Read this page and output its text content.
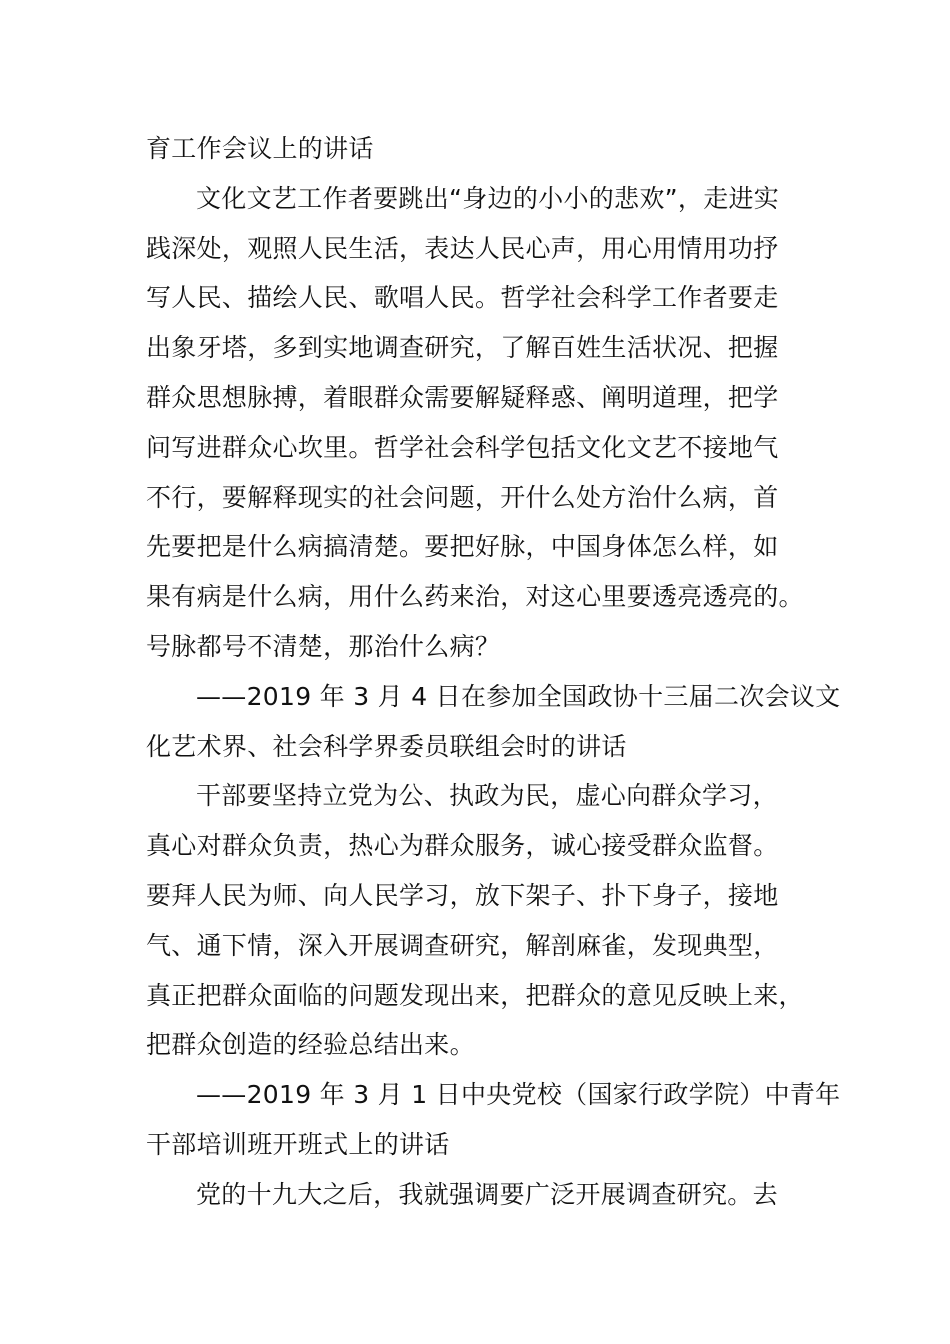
育工作会议上的讲话
文化文艺工作者要跳出“身边的小小的悲欢”，走进实
践深处，观照人民生活，表达人民心声，用心用情用功抒
写人民、描绘人民、歌唱人民。哲学社会科学工作者要走
出象牙塔，多到实地调查研究，了解百姓生活状况、把握
群众思想脉搏，着眼群众需要解疑释惑、阐明道理，把学
问写进群众心坎里。哲学社会科学包括文化文艺不接地气
不行，要解释现实的社会问题，开什么处方治什么病，首
先要把是什么病搞清楚。要把好脉，中国身体怎么样，如
果有病是什么病，用什么药来治，对这心里要透亮透亮的。
号脉都号不清楚，那治什么病？
——2019 年 3 月 4 日在参加全国政协十三届二次会议文
化艺术界、社会科学界委员联组会时的讲话
干部要坚持立党为公、执政为民，虚心向群众学习，
真心对群众负责，热心为群众服务，诚心接受群众监督。
要拜人民为师、向人民学习，放下架子、扑下身子，接地
气、通下情，深入开展调查研究，解剖麻雀，发现典型，
真正把群众面临的问题发现出来，把群众的意见反映上来，
把群众创造的经验总结出来。
——2019 年 3 月 1 日中央党校（国家行政学院）中青年
干部培训班开班式上的讲话
党的十九大之后，我就强调要广泛开展调查研究。去
